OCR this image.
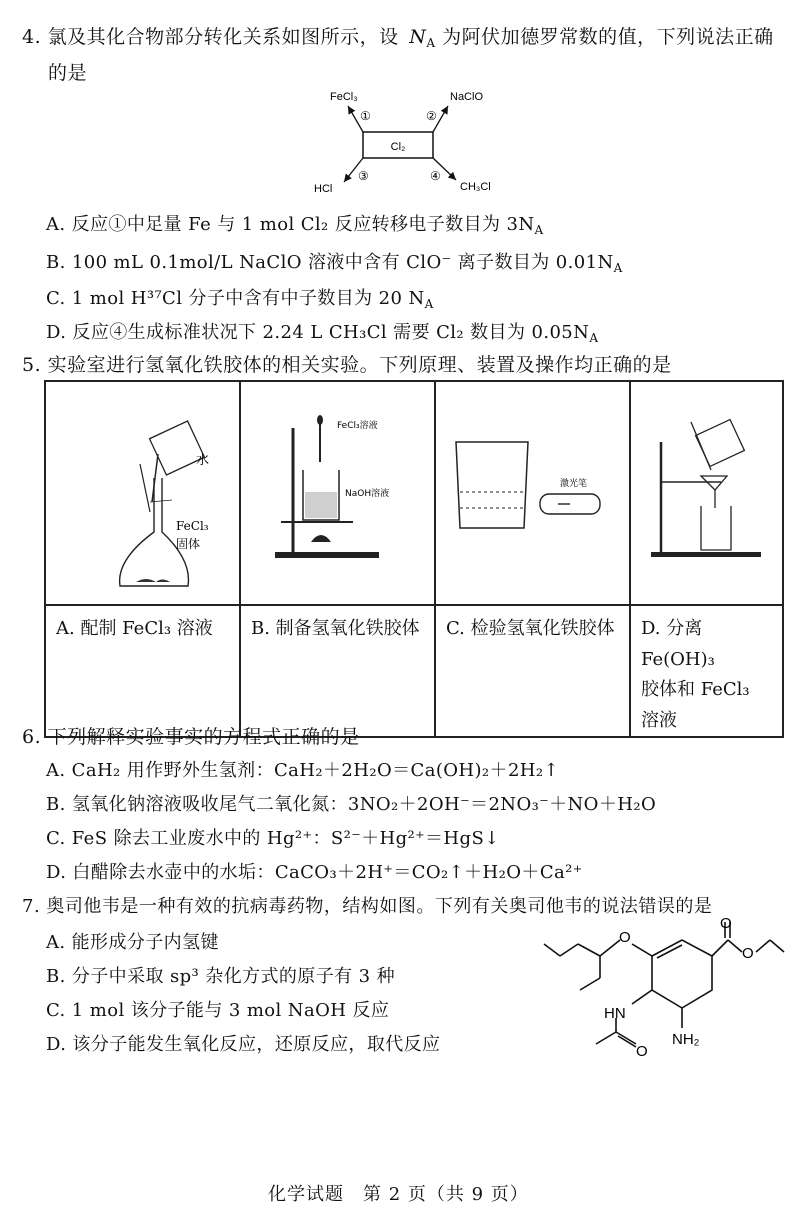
4. 氯及其化合物部分转化关系如图所示，设 $N_A$ 为阿伏加德罗常数的值，下列说法正确
的是
Cl₂
FeCl₃	NaClO
HCl	CH₃Cl
①	②
③	④
A. 反应①中足量 Fe 与 1 mol Cl₂ 反应转移电子数目为 $3N_A$
B. 100 mL 0.1mol/L NaClO 溶液中含有 ClO⁻ 离子数目为 $0.01N_A$
C. 1 mol H³⁷Cl 分子中含有中子数目为 20 $N_A$
D. 反应④生成标准状况下 2.24 L CH₃Cl 需要 Cl₂ 数目为 $0.05N_A$
5. 实验室进行氢氧化铁胶体的相关实验。下列原理、装置及操作均正确的是
水
FeCl₃
固体	FeCl₃溶液
NaOH溶液	激光笔

A. 配制 FeCl₃ 溶液	B. 制备氢氧化铁胶体	C. 检验氢氧化铁胶体	D. 分离 Fe(OH)₃
胶体和 FeCl₃
溶液
6. 下列解释实验事实的方程式正确的是
A. CaH₂ 用作野外生氢剂：CaH₂＋2H₂O＝Ca(OH)₂＋2H₂↑
B. 氢氧化钠溶液吸收尾气二氧化氮：3NO₂＋2OH⁻＝2NO₃⁻＋NO＋H₂O
C. FeS 除去工业废水中的 Hg²⁺：S²⁻＋Hg²⁺＝HgS↓
D. 白醋除去水壶中的水垢：CaCO₃＋2H⁺＝CO₂↑＋H₂O＋Ca²⁺
7. 奥司他韦是一种有效的抗病毒药物，结构如图。下列有关奥司他韦的说法错误的是
A. 能形成分子内氢键
B. 分子中采取 sp³ 杂化方式的原子有 3 种
C. 1 mol 该分子能与 3 mol NaOH 反应
D. 该分子能发生氧化反应，还原反应，取代反应
O
O
O
HN
O
NH₂
化学试题　第 2 页（共 9 页）
